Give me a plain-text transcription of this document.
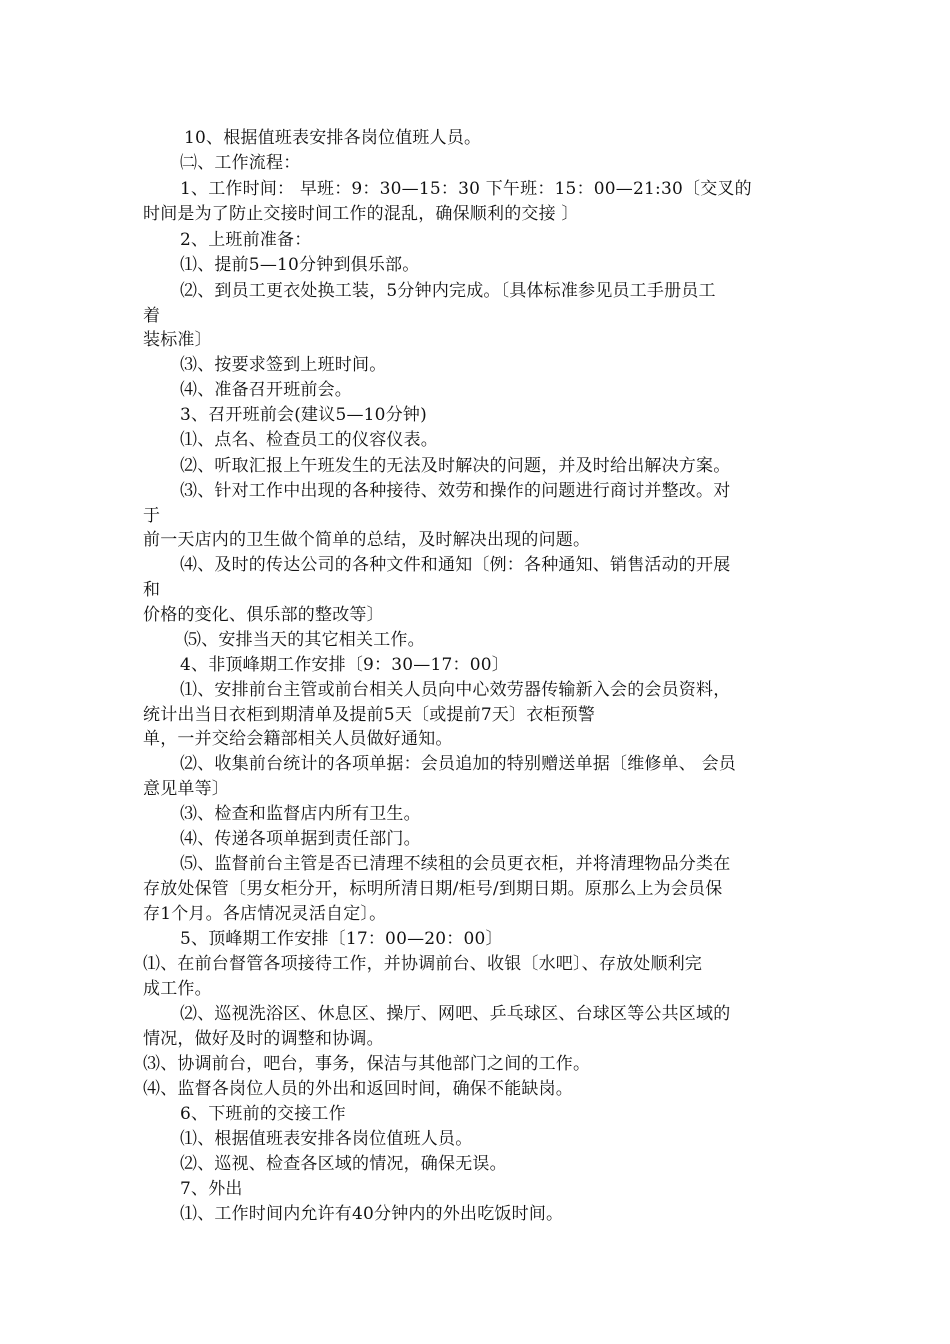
10、根据值班表安排各岗位值班人员。
㈡、工作流程：
1、工作时间： 早班：9：30—15：30 下午班：15：00—21:30〔交叉的
时间是为了防止交接时间工作的混乱，确保顺利的交接 〕
2、上班前准备：
⑴、提前5—10分钟到俱乐部。
⑵、到员工更衣处换工装，5分钟内完成。〔具体标准参见员工手册员工
着
装标准〕
⑶、按要求签到上班时间。
⑷、准备召开班前会。
3、召开班前会(建议5—10分钟)
⑴、点名、检查员工的仪容仪表。
⑵、听取汇报上午班发生的无法及时解决的问题，并及时给出解决方案。
⑶、针对工作中出现的各种接待、效劳和操作的问题进行商讨并整改。对
于
前一天店内的卫生做个简单的总结，及时解决出现的问题。
⑷、及时的传达公司的各种文件和通知〔例：各种通知、销售活动的开展
和
价格的变化、俱乐部的整改等〕
⑸、安排当天的其它相关工作。
4、非顶峰期工作安排〔9：30—17：00〕
⑴、安排前台主管或前台相关人员向中心效劳器传输新入会的会员资料，
统计出当日衣柜到期清单及提前5天〔或提前7天〕衣柜预警
单，一并交给会籍部相关人员做好通知。
⑵、收集前台统计的各项单据：会员追加的特别赠送单据〔维修单、 会员
意见单等〕
⑶、检查和监督店内所有卫生。
⑷、传递各项单据到责任部门。
⑸、监督前台主管是否已清理不续租的会员更衣柜，并将清理物品分类在
存放处保管〔男女柜分开，标明所清日期/柜号/到期日期。原那么上为会员保
存1个月。各店情况灵活自定〕。
5、顶峰期工作安排〔17：00—20：00〕
⑴、在前台督管各项接待工作，并协调前台、收银〔水吧〕、存放处顺利完
成工作。
⑵、巡视洗浴区、休息区、操厅、网吧、乒乓球区、台球区等公共区域的
情况，做好及时的调整和协调。
⑶、协调前台，吧台，事务，保洁与其他部门之间的工作。
⑷、监督各岗位人员的外出和返回时间，确保不能缺岗。
6、下班前的交接工作
⑴、根据值班表安排各岗位值班人员。
⑵、巡视、检查各区域的情况，确保无误。
7、外出
⑴、工作时间内允许有40分钟内的外出吃饭时间。
